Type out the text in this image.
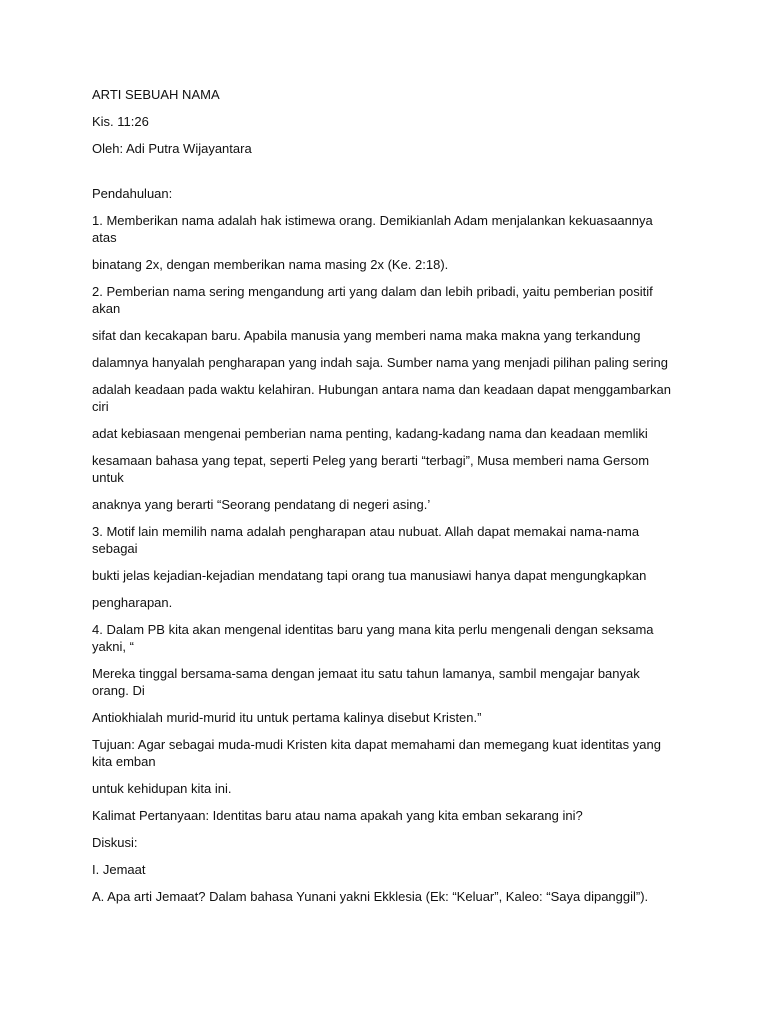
ARTI SEBUAH NAMA

Kis. 11:26

Oleh: Adi Putra Wijayantara

Pendahuluan:

1. Memberikan nama adalah hak istimewa orang. Demikianlah Adam menjalankan kekuasaannya atas

binatang 2x, dengan memberikan nama masing 2x (Ke. 2:18).

2. Pemberian nama sering mengandung arti yang dalam dan lebih pribadi, yaitu pemberian positif akan

sifat dan kecakapan baru. Apabila manusia yang memberi nama maka makna yang terkandung

dalamnya hanyalah pengharapan yang indah saja. Sumber nama yang menjadi pilihan paling sering

adalah keadaan pada waktu kelahiran. Hubungan antara nama dan keadaan dapat menggambarkan ciri

adat kebiasaan mengenai pemberian nama penting, kadang-kadang nama dan keadaan memliki

kesamaan bahasa yang tepat, seperti Peleg yang berarti “terbagi”, Musa memberi nama Gersom untuk

anaknya yang berarti “Seorang pendatang di negeri asing.’

3. Motif lain memilih nama adalah pengharapan atau nubuat. Allah dapat memakai nama-nama sebagai

bukti jelas kejadian-kejadian mendatang tapi orang tua manusiawi hanya dapat mengungkapkan

pengharapan.

4. Dalam PB kita akan mengenal identitas baru yang mana kita perlu mengenali dengan seksama yakni, “

Mereka tinggal bersama-sama dengan jemaat itu satu tahun lamanya, sambil mengajar banyak orang. Di

Antiokhialah murid-murid itu untuk pertama kalinya disebut Kristen.”

Tujuan: Agar sebagai muda-mudi Kristen kita dapat memahami dan memegang kuat identitas yang kita emban

untuk kehidupan kita ini.

Kalimat Pertanyaan: Identitas baru atau nama apakah yang kita emban sekarang ini?

Diskusi:

I. Jemaat

A. Apa arti Jemaat? Dalam bahasa Yunani yakni Ekklesia (Ek: “Keluar”, Kaleo: “Saya dipanggil”).
